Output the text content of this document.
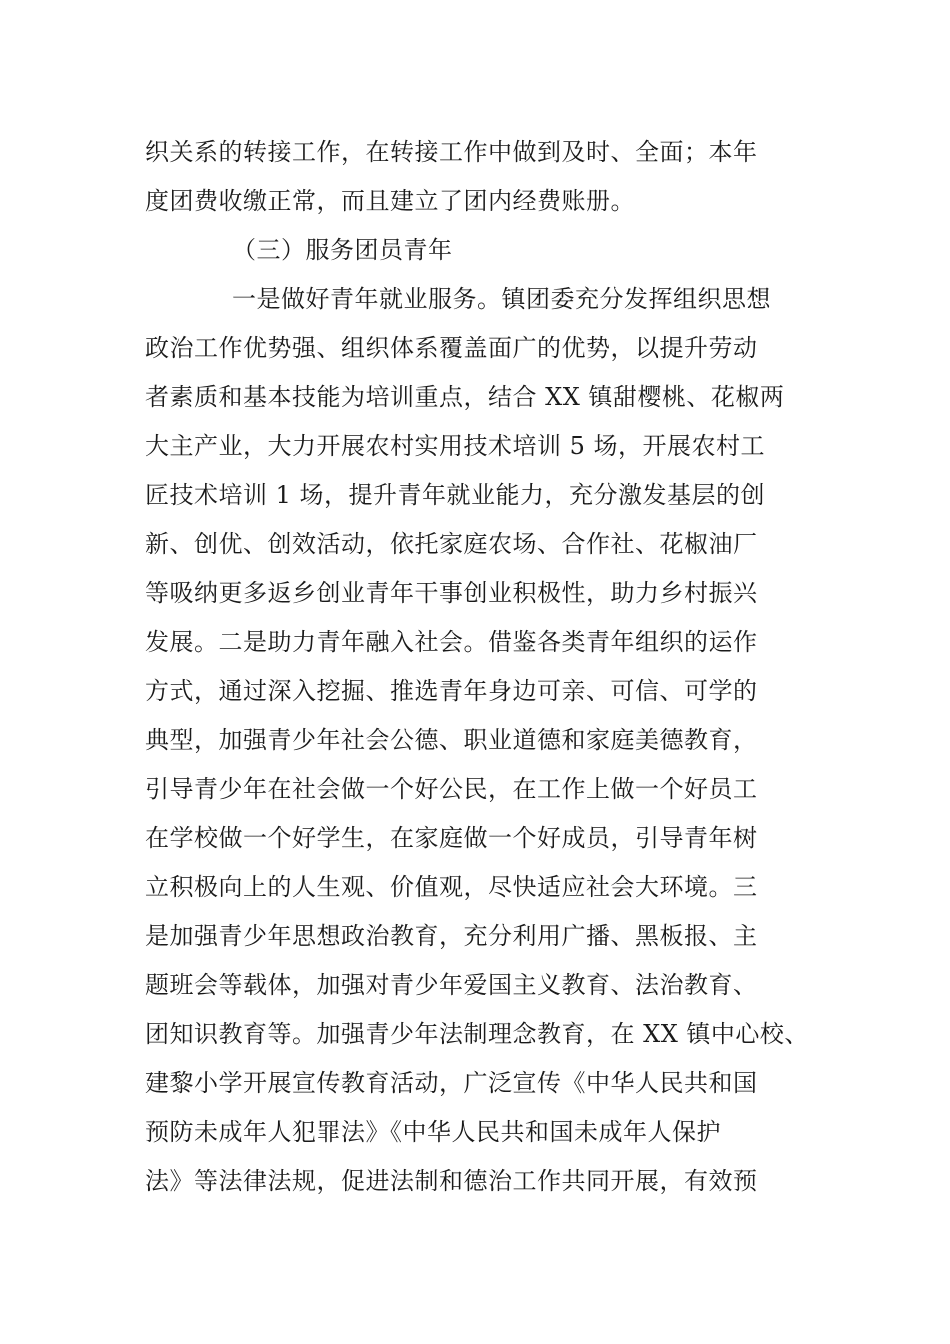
织关系的转接工作，在转接工作中做到及时、全面；本年
度团费收缴正常，而且建立了团内经费账册。
（三）服务团员青年
一是做好青年就业服务。镇团委充分发挥组织思想
政治工作优势强、组织体系覆盖面广的优势，以提升劳动
者素质和基本技能为培训重点，结合 XX 镇甜樱桃、花椒两
大主产业，大力开展农村实用技术培训 5 场，开展农村工
匠技术培训 1 场，提升青年就业能力，充分激发基层的创
新、创优、创效活动，依托家庭农场、合作社、花椒油厂
等吸纳更多返乡创业青年干事创业积极性，助力乡村振兴
发展。二是助力青年融入社会。借鉴各类青年组织的运作
方式，通过深入挖掘、推选青年身边可亲、可信、可学的
典型，加强青少年社会公德、职业道德和家庭美德教育，
引导青少年在社会做一个好公民，在工作上做一个好员工
在学校做一个好学生，在家庭做一个好成员，引导青年树
立积极向上的人生观、价值观，尽快适应社会大环境。三
是加强青少年思想政治教育，充分利用广播、黑板报、主
题班会等载体，加强对青少年爱国主义教育、法治教育、
团知识教育等。加强青少年法制理念教育，在 XX 镇中心校、
建黎小学开展宣传教育活动，广泛宣传《中华人民共和国
预防未成年人犯罪法》《中华人民共和国未成年人保护
法》等法律法规，促进法制和德治工作共同开展，有效预
